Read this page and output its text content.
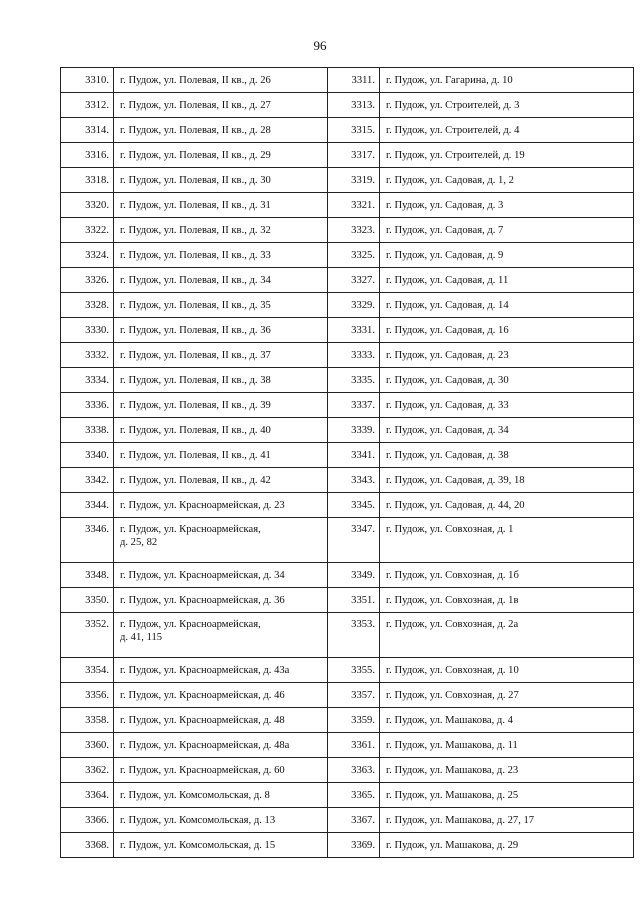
96
3310.	г. Пудож, ул. Полевая, II кв., д. 26	3311.	г. Пудож, ул. Гагарина, д. 10
3312.	г. Пудож, ул. Полевая, II кв., д. 27	3313.	г. Пудож, ул. Строителей, д. 3
3314.	г. Пудож, ул. Полевая, II кв., д. 28	3315.	г. Пудож, ул. Строителей, д. 4
3316.	г. Пудож, ул. Полевая, II кв., д. 29	3317.	г. Пудож, ул. Строителей, д. 19
3318.	г. Пудож, ул. Полевая, II кв., д. 30	3319.	г. Пудож, ул. Садовая, д. 1, 2
3320.	г. Пудож, ул. Полевая, II кв., д. 31	3321.	г. Пудож, ул. Садовая, д. 3
3322.	г. Пудож, ул. Полевая, II кв., д. 32	3323.	г. Пудож, ул. Садовая, д. 7
3324.	г. Пудож, ул. Полевая, II кв., д. 33	3325.	г. Пудож, ул. Садовая, д. 9
3326.	г. Пудож, ул. Полевая, II кв., д. 34	3327.	г. Пудож, ул. Садовая, д. 11
3328.	г. Пудож, ул. Полевая, II кв., д. 35	3329.	г. Пудож, ул. Садовая, д. 14
3330.	г. Пудож, ул. Полевая, II кв., д. 36	3331.	г. Пудож, ул. Садовая, д. 16
3332.	г. Пудож, ул. Полевая, II кв., д. 37	3333.	г. Пудож, ул. Садовая, д. 23
3334.	г. Пудож, ул. Полевая, II кв., д. 38	3335.	г. Пудож, ул. Садовая, д. 30
3336.	г. Пудож, ул. Полевая, II кв., д. 39	3337.	г. Пудож, ул. Садовая, д. 33
3338.	г. Пудож, ул. Полевая, II кв., д. 40	3339.	г. Пудож, ул. Садовая, д. 34
3340.	г. Пудож, ул. Полевая, II кв., д. 41	3341.	г. Пудож, ул. Садовая, д. 38
3342.	г. Пудож, ул. Полевая, II кв., д. 42	3343.	г. Пудож, ул. Садовая, д. 39, 18
3344.	г. Пудож, ул. Красноармейская, д. 23	3345.	г. Пудож, ул. Садовая, д. 44, 20
3346.	г. Пудож, ул. Красноармейская,
д. 25, 82	3347.	г. Пудож, ул. Совхозная, д. 1
3348.	г. Пудож, ул. Красноармейская, д. 34	3349.	г. Пудож, ул. Совхозная, д. 1б
3350.	г. Пудож, ул. Красноармейская, д. 36	3351.	г. Пудож, ул. Совхозная, д. 1в
3352.	г. Пудож, ул. Красноармейская,
д. 41, 115	3353.	г. Пудож, ул. Совхозная, д. 2а
3354.	г. Пудож, ул. Красноармейская, д. 43а	3355.	г. Пудож, ул. Совхозная, д. 10
3356.	г. Пудож, ул. Красноармейская, д. 46	3357.	г. Пудож, ул. Совхозная, д. 27
3358.	г. Пудож, ул. Красноармейская, д. 48	3359.	г. Пудож, ул. Машакова, д. 4
3360.	г. Пудож, ул. Красноармейская, д. 48а	3361.	г. Пудож, ул. Машакова, д. 11
3362.	г. Пудож, ул. Красноармейская, д. 60	3363.	г. Пудож, ул. Машакова, д. 23
3364.	г. Пудож, ул. Комсомольская, д. 8	3365.	г. Пудож, ул. Машакова, д. 25
3366.	г. Пудож, ул. Комсомольская, д. 13	3367.	г. Пудож, ул. Машакова, д. 27, 17
3368.	г. Пудож, ул. Комсомольская, д. 15	3369.	г. Пудож, ул. Машакова, д. 29
